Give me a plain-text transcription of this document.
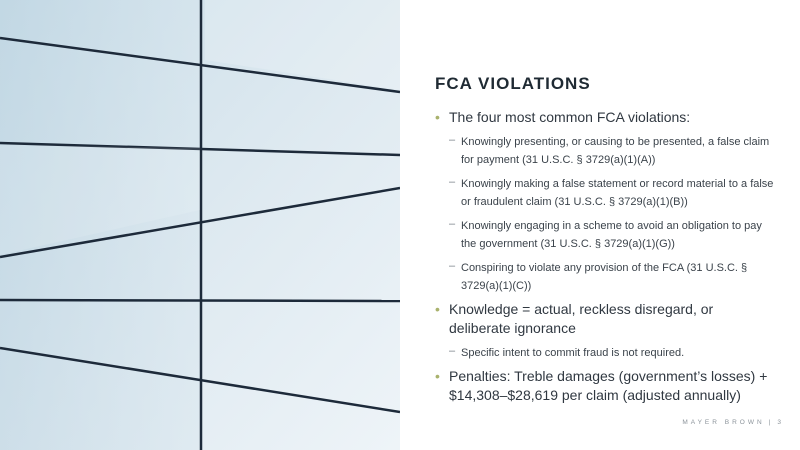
FCA VIOLATIONS
• The four most common FCA violations:
– Knowingly presenting, or causing to be presented, a false claim for payment (31 U.S.C. § 3729(a)(1)(A))
– Knowingly making a false statement or record material to a false or fraudulent claim (31 U.S.C. § 3729(a)(1)(B))
– Knowingly engaging in a scheme to avoid an obligation to pay the government (31 U.S.C. § 3729(a)(1)(G))
– Conspiring to violate any provision of the FCA (31 U.S.C. § 3729(a)(1)(C))
• Knowledge = actual, reckless disregard, or deliberate ignorance
– Specific intent to commit fraud is not required.
• Penalties: Treble damages (government’s losses) + $14,308–$28,619 per claim (adjusted annually)
MAYER BROWN | 3
